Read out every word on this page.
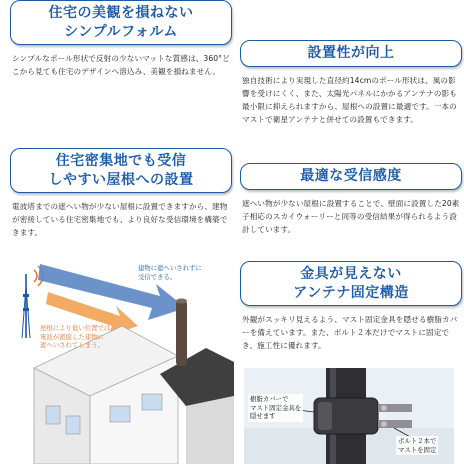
住宅の美観を損ねない
シンプルフォルム
シンプルなポール形状で反射の少ないマットな質感は、360°どこから見ても住宅のデザインへ溶込み、美観を損ねません。
住宅密集地でも受信
しやすい屋根への設置
電波塔までの遮へい物が少ない屋根に設置できますから、建物が密接している住宅密集地でも、より良好な受信環境を構築できます。
建物に遮へいされずに
受信できる。
屋根により低い位置では
電波が密接した建物に
遮へいされてしまう。
設置性が向上
独自技術により実現した直径約14cmのポール形状は、風の影響を受けにくく、また、太陽光パネルにかかるアンテナの影も最小限に抑えられますから、屋根への設置に最適です。一本のマストで衛星アンテナと併せての設置もできます。
最適な受信感度
遮へい物が少ない屋根に設置することで、壁面に設置した20素子相応のスカイウォーリーと同等の受信結果が得られるよう設計しています。
金具が見えない
アンテナ固定構造
外観がスッキリ見えるよう、マスト固定金具を隠せる樹脂カバーを備えています。また、ボルト２本だけでマストに固定でき、施工性に優れます。
樹脂カバーで
マスト固定金具を
隠せます
ボルト２本で
マストを固定
